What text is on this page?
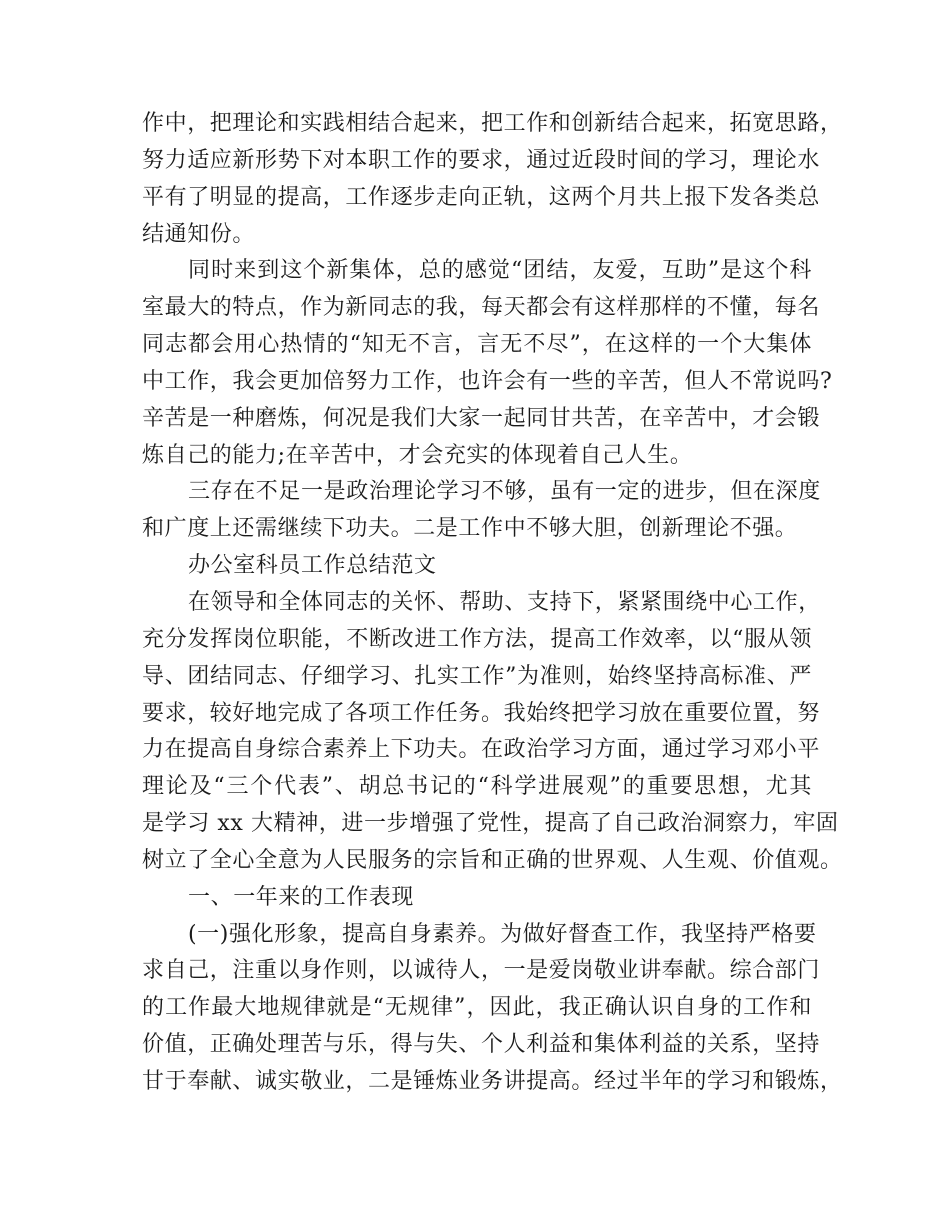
作中，把理论和实践相结合起来，把工作和创新结合起来，拓宽思路，
努力适应新形势下对本职工作的要求，通过近段时间的学习，理论水
平有了明显的提高，工作逐步走向正轨，这两个月共上报下发各类总
结通知份。
同时来到这个新集体，总的感觉“团结，友爱，互助”是这个科
室最大的特点，作为新同志的我，每天都会有这样那样的不懂，每名
同志都会用心热情的“知无不言，言无不尽”，在这样的一个大集体
中工作，我会更加倍努力工作，也许会有一些的辛苦，但人不常说吗?
辛苦是一种磨炼，何况是我们大家一起同甘共苦，在辛苦中，才会锻
炼自己的能力;在辛苦中，才会充实的体现着自己人生。
三存在不足一是政治理论学习不够，虽有一定的进步，但在深度
和广度上还需继续下功夫。二是工作中不够大胆，创新理论不强。
办公室科员工作总结范文
在领导和全体同志的关怀、帮助、支持下，紧紧围绕中心工作，
充分发挥岗位职能，不断改进工作方法，提高工作效率，以“服从领
导、团结同志、仔细学习、扎实工作”为准则，始终坚持高标准、严
要求，较好地完成了各项工作任务。我始终把学习放在重要位置，努
力在提高自身综合素养上下功夫。在政治学习方面，通过学习邓小平
理论及“三个代表”、胡总书记的“科学进展观”的重要思想，尤其
是学习 xx 大精神，进一步增强了党性，提高了自己政治洞察力，牢固
树立了全心全意为人民服务的宗旨和正确的世界观、人生观、价值观。
一、一年来的工作表现
(一)强化形象，提高自身素养。为做好督查工作，我坚持严格要
求自己，注重以身作则，以诚待人，一是爱岗敬业讲奉献。综合部门
的工作最大地规律就是“无规律”，因此，我正确认识自身的工作和
价值，正确处理苦与乐，得与失、个人利益和集体利益的关系，坚持
甘于奉献、诚实敬业，二是锤炼业务讲提高。经过半年的学习和锻炼，
